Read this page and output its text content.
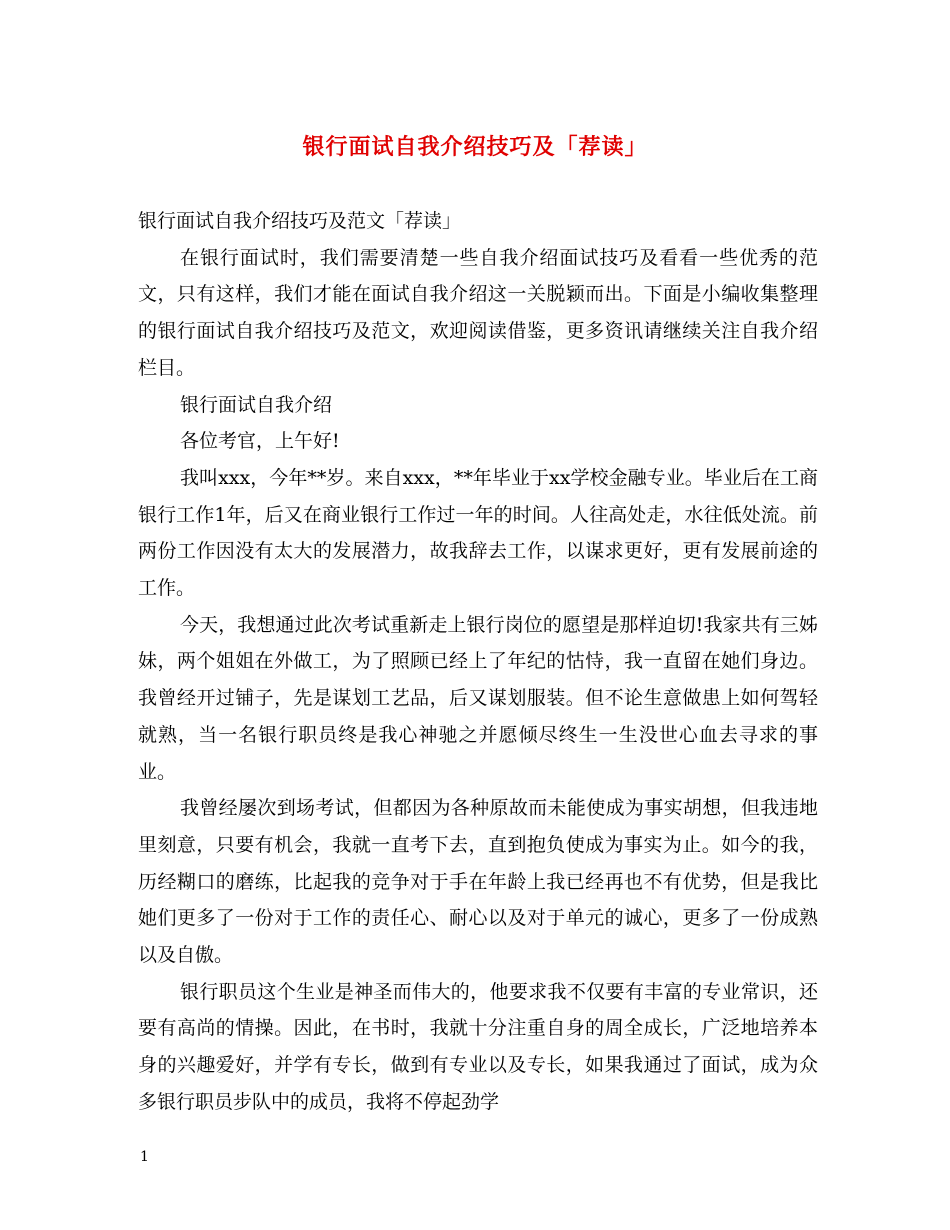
银行面试自我介绍技巧及「荐读」

银行面试自我介绍技巧及范文「荐读」

在银行面试时，我们需要清楚一些自我介绍面试技巧及看看一些优秀的范文，只有这样，我们才能在面试自我介绍这一关脱颖而出。下面是小编收集整理的银行面试自我介绍技巧及范文，欢迎阅读借鉴，更多资讯请继续关注自我介绍栏目。

银行面试自我介绍

各位考官，上午好!

我叫xxx，今年**岁。来自xxx，**年毕业于xx学校金融专业。毕业后在工商银行工作1年，后又在商业银行工作过一年的时间。人往高处走，水往低处流。前两份工作因没有太大的发展潜力，故我辞去工作，以谋求更好，更有发展前途的工作。

今天，我想通过此次考试重新走上银行岗位的愿望是那样迫切!我家共有三姊妹，两个姐姐在外做工，为了照顾已经上了年纪的怙恃，我一直留在她们身边。我曾经开过铺子，先是谋划工艺品，后又谋划服装。但不论生意做患上如何驾轻就熟，当一名银行职员终是我心神驰之并愿倾尽终生一生没世心血去寻求的事业。

我曾经屡次到场考试，但都因为各种原故而未能使成为事实胡想，但我违地里刻意，只要有机会，我就一直考下去，直到抱负使成为事实为止。如今的我，历经糊口的磨练，比起我的竞争对于手在年龄上我已经再也不有优势，但是我比她们更多了一份对于工作的责任心、耐心以及对于单元的诚心，更多了一份成熟以及自傲。

银行职员这个生业是神圣而伟大的，他要求我不仅要有丰富的专业常识，还要有高尚的情操。因此，在书时，我就十分注重自身的周全成长，广泛地培养本身的兴趣爱好，并学有专长，做到有专业以及专长，如果我通过了面试，成为众多银行职员步队中的成员，我将不停起劲学

1
